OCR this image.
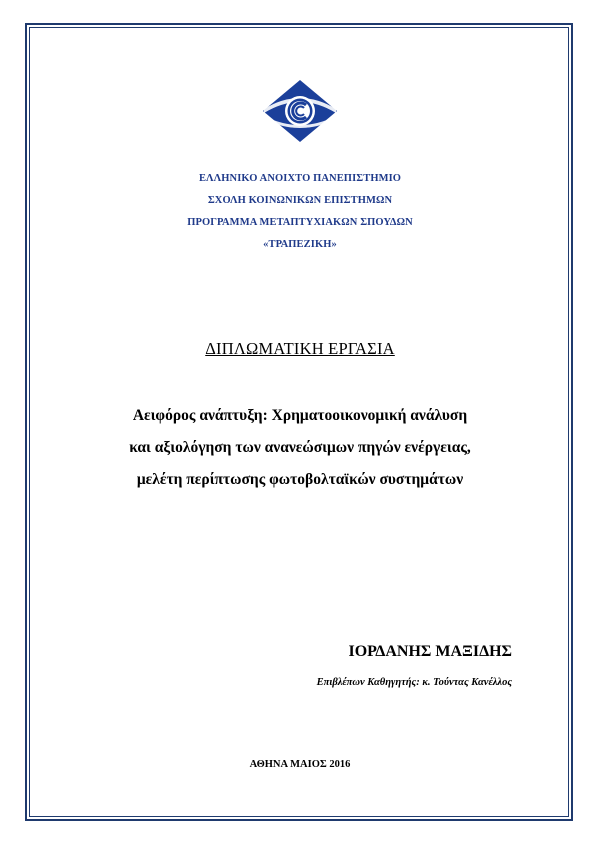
ΕΛΛΗΝΙΚΟ ΑΝΟΙΧΤΟ ΠΑΝΕΠΙΣΤΗΜΙΟ
ΣΧΟΛΗ ΚΟΙΝΩΝΙΚΩΝ ΕΠΙΣΤΗΜΩΝ
ΠΡΟΓΡΑΜΜΑ ΜΕΤΑΠΤΥΧΙΑΚΩΝ ΣΠΟΥΔΩΝ
«ΤΡΑΠΕΖΙΚΗ»
ΔΙΠΛΩΜΑΤΙΚΗ ΕΡΓΑΣΙΑ
Αειφόρος ανάπτυξη: Χρηματοοικονομική ανάλυση
και αξιολόγηση των ανανεώσιμων πηγών ενέργειας,
μελέτη περίπτωσης φωτοβολταϊκών συστημάτων
ΙΟΡΔΑΝΗΣ ΜΑΞΙΔΗΣ
Επιβλέπων Καθηγητής: κ. Τούντας Κανέλλος
ΑΘΗΝΑ ΜΑΙΟΣ 2016
